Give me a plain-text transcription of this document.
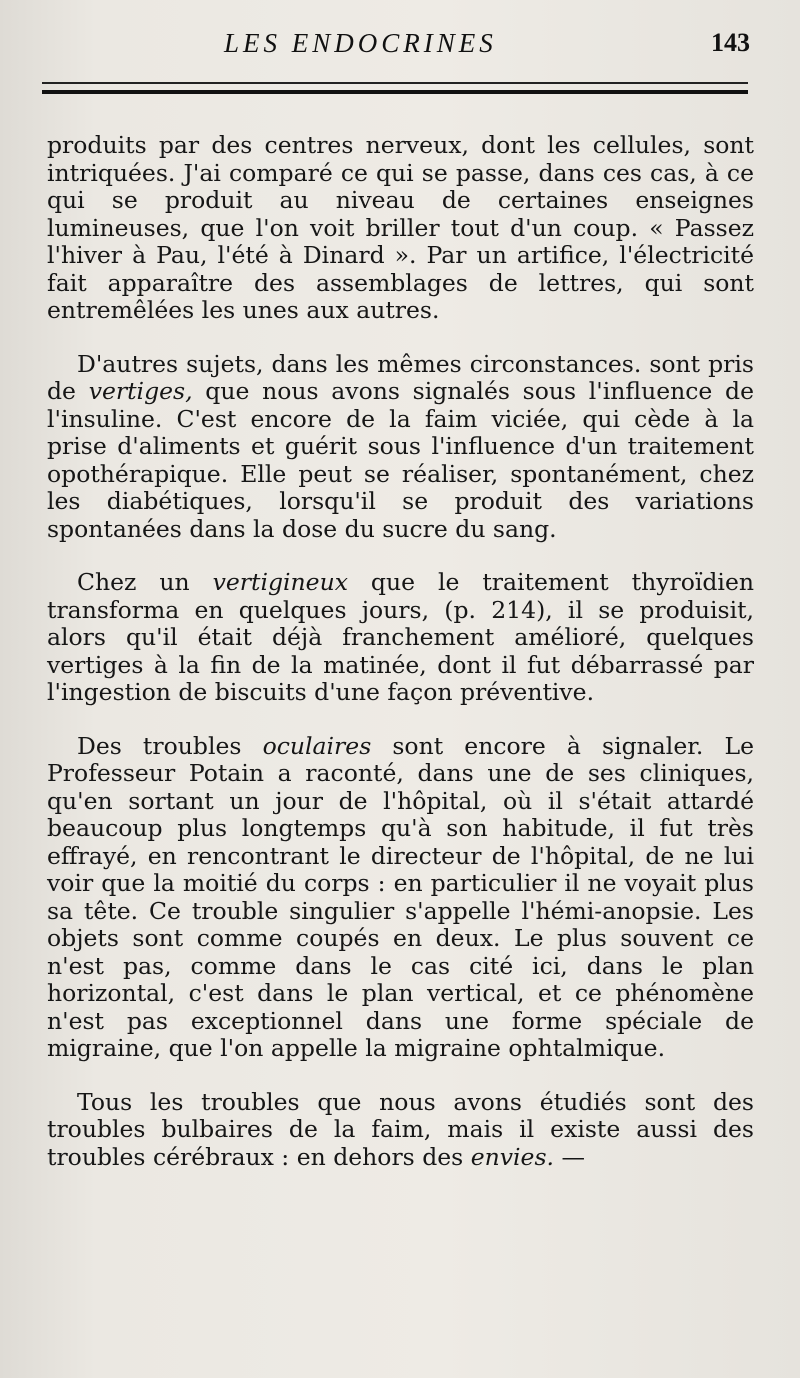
LES ENDOCRINES	143

produits par des centres nerveux, dont les cellules, sont intriquées. J'ai comparé ce qui se passe, dans ces cas, à ce qui se produit au niveau de certaines enseignes lumineuses, que l'on voit briller tout d'un coup. « Passez l'hiver à Pau, l'été à Dinard ». Par un artifice, l'électricité fait apparaître des assemblages de lettres, qui sont entremêlées les unes aux autres.

D'autres sujets, dans les mêmes circonstances. sont pris de vertiges, que nous avons signalés sous l'influence de l'insuline. C'est encore de la faim viciée, qui cède à la prise d'aliments et guérit sous l'influence d'un traitement opothérapique. Elle peut se réaliser, spontanément, chez les diabétiques, lorsqu'il se produit des variations spontanées dans la dose du sucre du sang.

Chez un vertigineux que le traitement thyroïdien transforma en quelques jours, (p. 214), il se produisit, alors qu'il était déjà franchement amélioré, quelques vertiges à la fin de la matinée, dont il fut débarrassé par l'ingestion de biscuits d'une façon préventive.

Des troubles oculaires sont encore à signaler. Le Professeur Potain a raconté, dans une de ses cliniques, qu'en sortant un jour de l'hôpital, où il s'était attardé beaucoup plus longtemps qu'à son habitude, il fut très effrayé, en rencontrant le directeur de l'hôpital, de ne lui voir que la moitié du corps : en particulier il ne voyait plus sa tête. Ce trouble singulier s'appelle l'hémi-anopsie. Les objets sont comme coupés en deux. Le plus souvent ce n'est pas, comme dans le cas cité ici, dans le plan horizontal, c'est dans le plan vertical, et ce phénomène n'est pas exceptionnel dans une forme spéciale de migraine, que l'on appelle la migraine ophtalmique.

Tous les troubles que nous avons étudiés sont des troubles bulbaires de la faim, mais il existe aussi des troubles cérébraux : en dehors des envies. —
